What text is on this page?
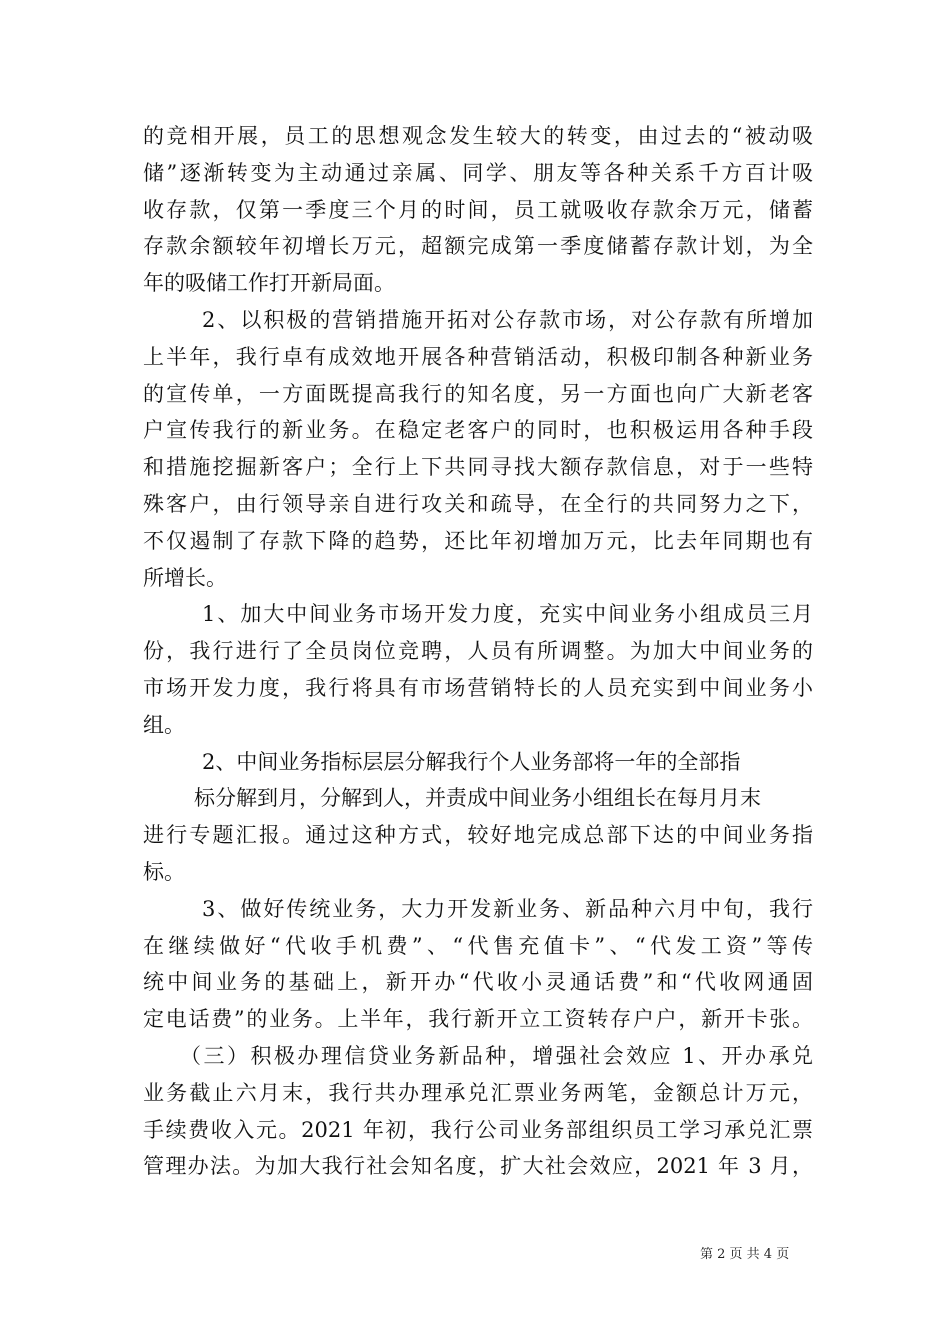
的竞相开展，员工的思想观念发生较大的转变，由过去的“被动吸
储”逐渐转变为主动通过亲属、同学、朋友等各种关系千方百计吸
收存款，仅第一季度三个月的时间，员工就吸收存款余万元，储蓄
存款余额较年初增长万元，超额完成第一季度储蓄存款计划，为全
年的吸储工作打开新局面。
2、以积极的营销措施开拓对公存款市场，对公存款有所增加
上半年，我行卓有成效地开展各种营销活动，积极印制各种新业务
的宣传单，一方面既提高我行的知名度，另一方面也向广大新老客
户宣传我行的新业务。在稳定老客户的同时，也积极运用各种手段
和措施挖掘新客户；全行上下共同寻找大额存款信息，对于一些特
殊客户，由行领导亲自进行攻关和疏导，在全行的共同努力之下，
不仅遏制了存款下降的趋势，还比年初增加万元，比去年同期也有
所增长。
1、加大中间业务市场开发力度，充实中间业务小组成员三月
份，我行进行了全员岗位竞聘，人员有所调整。为加大中间业务的
市场开发力度，我行将具有市场营销特长的人员充实到中间业务小
组。
2、中间业务指标层层分解我行个人业务部将一年的全部指
标分解到月，分解到人，并责成中间业务小组组长在每月月末
进行专题汇报。通过这种方式，较好地完成总部下达的中间业务指
标。
3、做好传统业务，大力开发新业务、新品种六月中旬，我行
在继续做好“代收手机费”、“代售充值卡”、“代发工资”等传
统中间业务的基础上，新开办“代收小灵通话费”和“代收网通固
定电话费”的业务。上半年，我行新开立工资转存户户，新开卡张。
（三）积极办理信贷业务新品种，增强社会效应 1、开办承兑
业务截止六月末，我行共办理承兑汇票业务两笔，金额总计万元，
手续费收入元。2021 年初，我行公司业务部组织员工学习承兑汇票
管理办法。为加大我行社会知名度，扩大社会效应，2021 年 3 月，
第 2 页 共 4 页
